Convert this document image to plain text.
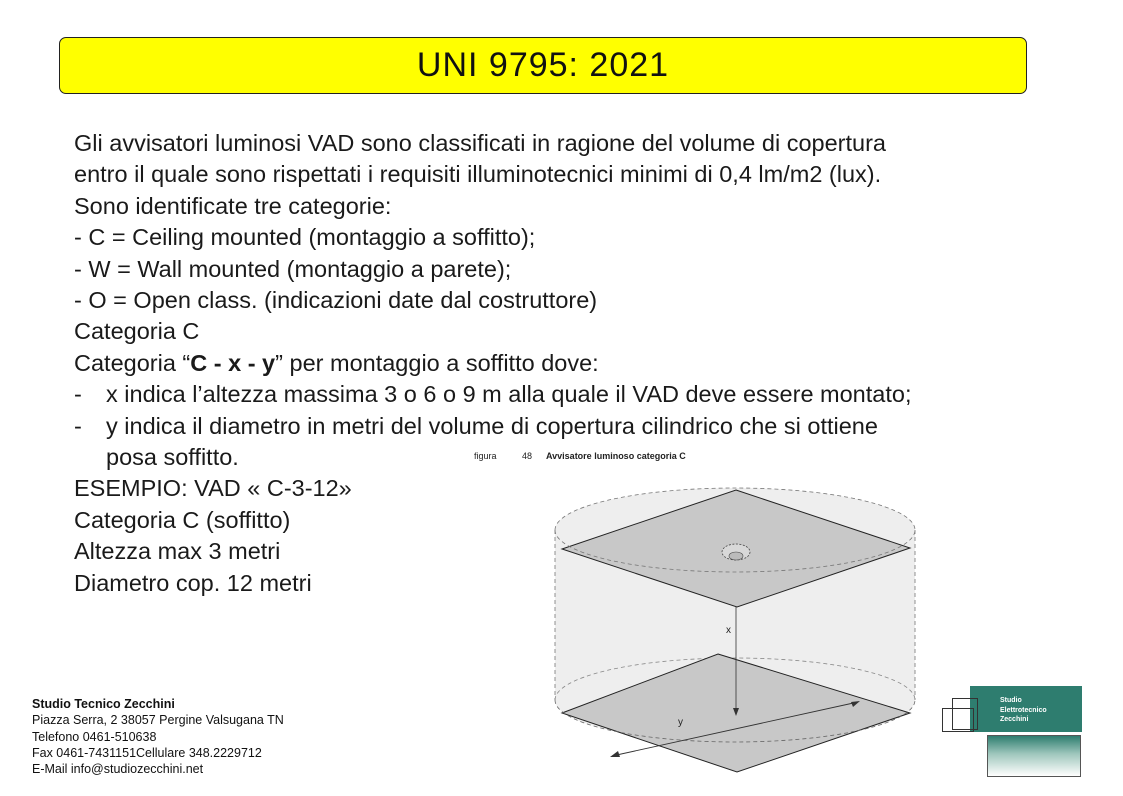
UNI 9795: 2021
Gli avvisatori luminosi VAD sono classificati in ragione del volume di copertura
entro il quale sono rispettati i requisiti illuminotecnici minimi di 0,4 lm/m2 (lux).
Sono identificate tre categorie:
- C = Ceiling mounted (montaggio a soffitto);
- W = Wall mounted (montaggio a parete);
- O = Open class. (indicazioni date dal costruttore)
Categoria C
Categoria “C - x - y” per montaggio a soffitto dove:
-	x indica l’altezza massima 3 o 6 o 9 m alla quale il VAD deve essere montato;
-	y indica il diametro in metri del volume di copertura cilindrico che si ottiene
posa soffitto.
ESEMPIO: VAD « C-3-12»
Categoria C (soffitto)
Altezza max 3 metri
Diametro cop. 12 metri
figura	48 Avvisatore luminoso categoria C
x
y
Studio Tecnico Zecchini
Piazza Serra, 2 38057 Pergine Valsugana TN
Telefono 0461-510638
Fax 0461-7431151Cellulare 348.2229712
E-Mail info@studiozecchini.net
Studio
Elettrotecnico
Zecchini
